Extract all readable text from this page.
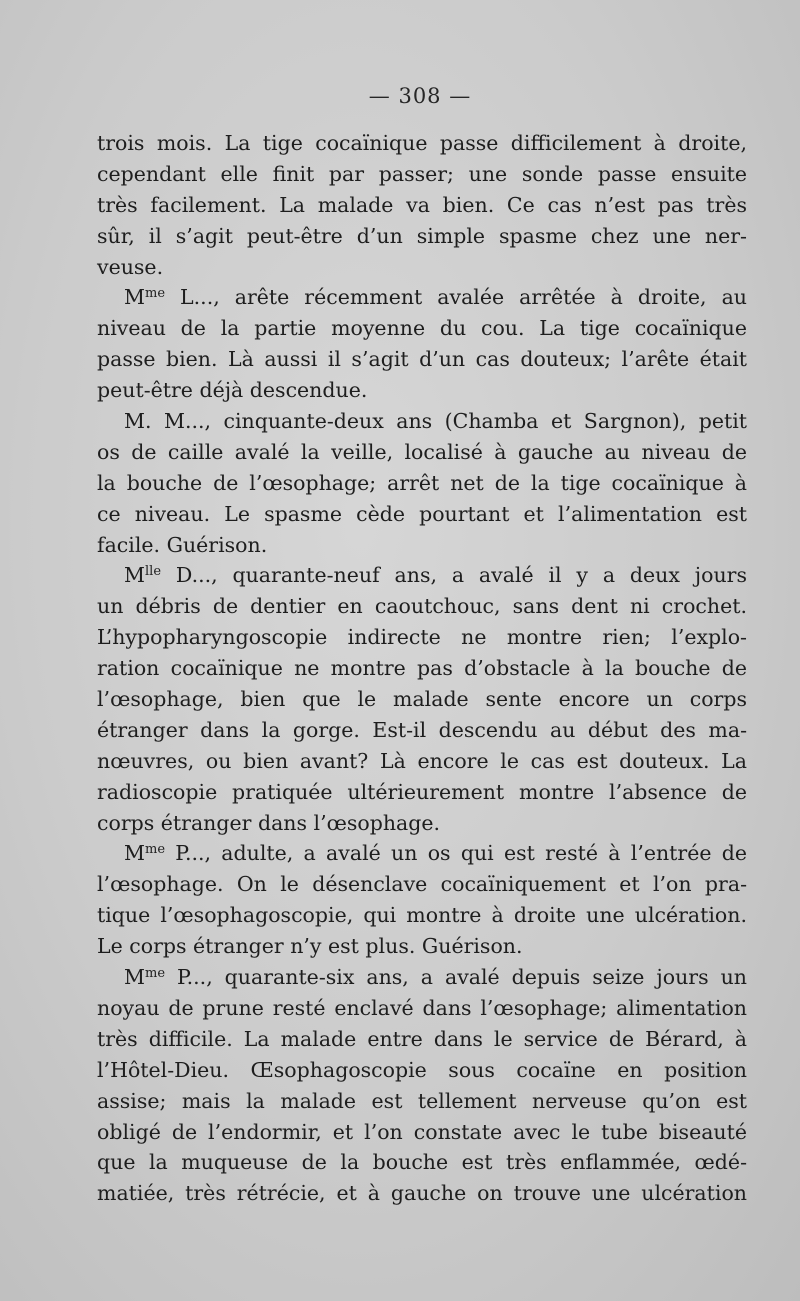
— 308 —
trois mois. La tige cocaïnique passe difficilement à droite,
cependant elle finit par passer; une sonde passe ensuite
très facilement. La malade va bien. Ce cas n’est pas très
sûr, il s’agit peut-être d’un simple spasme chez une ner-
veuse.
$M^{me}$ L..., arête récemment avalée arrêtée à droite, au
niveau de la partie moyenne du cou. La tige cocaïnique
passe bien. Là aussi il s’agit d’un cas douteux; l’arête était
peut-être déjà descendue.
M. M..., cinquante-deux ans (Chamba et Sargnon), petit
os de caille avalé la veille, localisé à gauche au niveau de
la bouche de l’œsophage; arrêt net de la tige cocaïnique à
ce niveau. Le spasme cède pourtant et l’alimentation est
facile. Guérison.
$M^{lle}$ D..., quarante-neuf ans, a avalé il y a deux jours
un débris de dentier en caoutchouc, sans dent ni crochet.
L’hypopharyngoscopie indirecte ne montre rien; l’explo-
ration cocaïnique ne montre pas d’obstacle à la bouche de
l’œsophage, bien que le malade sente encore un corps
étranger dans la gorge. Est-il descendu au début des ma-
nœuvres, ou bien avant? Là encore le cas est douteux. La
radioscopie pratiquée ultérieurement montre l’absence de
corps étranger dans l’œsophage.
$M^{me}$ P..., adulte, a avalé un os qui est resté à l’entrée de
l’œsophage. On le désenclave cocaïniquement et l’on pra-
tique l’œsophagoscopie, qui montre à droite une ulcération.
Le corps étranger n’y est plus. Guérison.
$M^{me}$ P..., quarante-six ans, a avalé depuis seize jours un
noyau de prune resté enclavé dans l’œsophage; alimentation
très difficile. La malade entre dans le service de Bérard, à
l’Hôtel-Dieu. Œsophagoscopie sous cocaïne en position
assise; mais la malade est tellement nerveuse qu’on est
obligé de l’endormir, et l’on constate avec le tube biseauté
que la muqueuse de la bouche est très enflammée, œdé-
matiée, très rétrécie, et à gauche on trouve une ulcération
